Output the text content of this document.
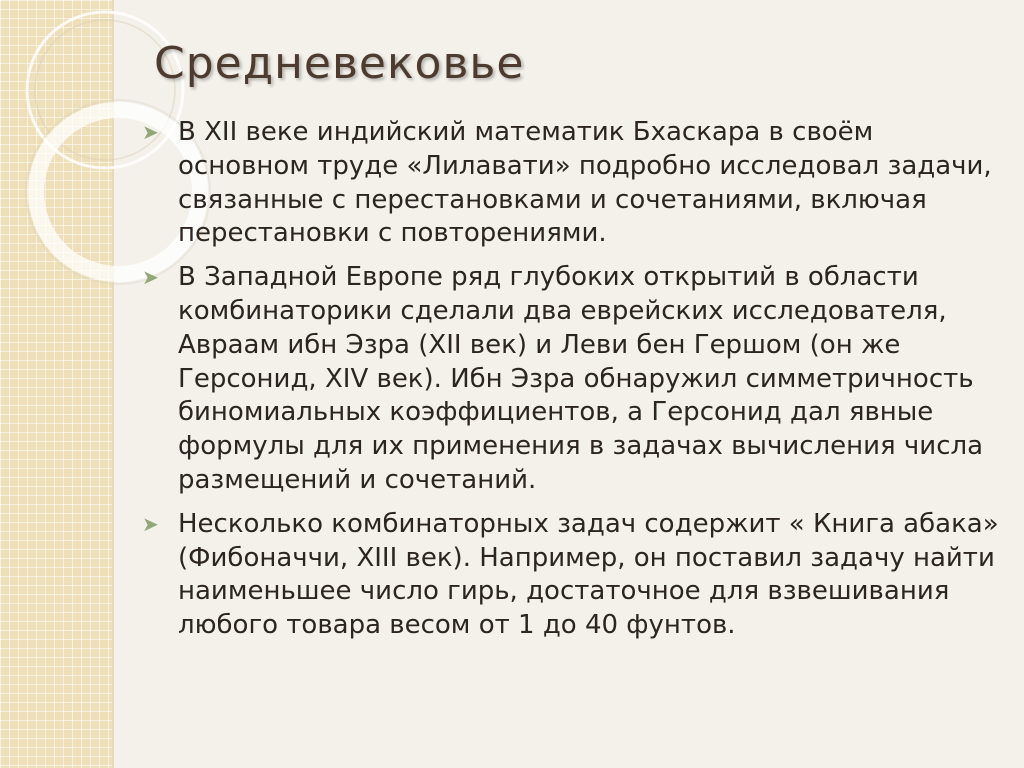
Средневековье
➤ В XII веке индийский математик Бхаскара в своём основном труде «Лилавати» подробно исследовал задачи, связанные с перестановками и сочетаниями, включая перестановки с повторениями.
➤ В Западной Европе ряд глубоких открытий в области комбинаторики сделали два еврейских исследователя, Авраам ибн Эзра (XII век) и Леви бен Гершом (он же Герсонид, XIV век). Ибн Эзра обнаружил симметричность биномиальных коэффициентов, а Герсонид дал явные формулы для их применения в задачах вычисления числа размещений и сочетаний.
➤ Несколько комбинаторных задач содержит « Книга абака» (Фибоначчи, XIII век). Например, он поставил задачу найти наименьшее число гирь, достаточное для взвешивания любого товара весом от 1 до 40 фунтов.
